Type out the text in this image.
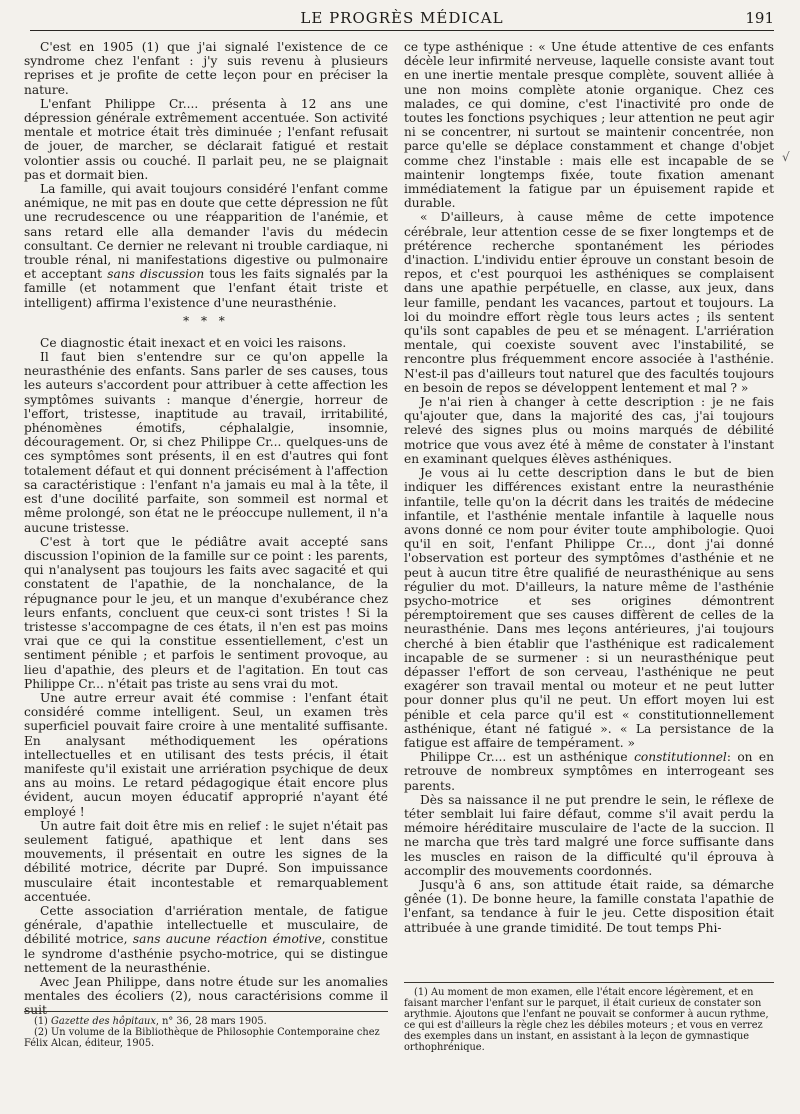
LE PROGRÈS MÉDICAL	191
√

C'est en 1905 (1) que j'ai signalé l'existence de ce syndrome chez l'enfant : j'y suis revenu à plusieurs reprises et je profite de cette leçon pour en préciser la nature.

L'enfant Philippe Cr.... présenta à 12 ans une dépression générale extrêmement accentuée. Son activité mentale et motrice était très diminuée ; l'enfant refusait de jouer, de marcher, se déclarait fatigué et restait volontier assis ou couché. Il parlait peu, ne se plaignait pas et dormait bien.

La famille, qui avait toujours considéré l'enfant comme anémique, ne mit pas en doute que cette dépression ne fût une recrudescence ou une réapparition de l'anémie, et sans retard elle alla demander l'avis du médecin consultant. Ce dernier ne relevant ni trouble cardiaque, ni trouble rénal, ni manifestations digestive ou pulmonaire et acceptant sans discussion tous les faits signalés par la famille (et notamment que l'enfant était triste et intelligent) affirma l'existence d'une neurasthénie.

* * *

Ce diagnostic était inexact et en voici les raisons.

Il faut bien s'entendre sur ce qu'on appelle la neurasthénie des enfants. Sans parler de ses causes, tous les auteurs s'accordent pour attribuer à cette affection les symptômes suivants : manque d'énergie, horreur de l'effort, tristesse, inaptitude au travail, irritabilité, phénomènes émotifs, céphalalgie, insomnie, découragement. Or, si chez Philippe Cr... quelques-uns de ces symptômes sont présents, il en est d'autres qui font totalement défaut et qui donnent précisément à l'affection sa caractéristique : l'enfant n'a jamais eu mal à la tête, il est d'une docilité parfaite, son sommeil est normal et même prolongé, son état ne le préoccupe nullement, il n'a aucune tristesse.

C'est à tort que le pédiâtre avait accepté sans discussion l'opinion de la famille sur ce point : les parents, qui n'analysent pas toujours les faits avec sagacité et qui constatent de l'apathie, de la nonchalance, de la répugnance pour le jeu, et un manque d'exubérance chez leurs enfants, concluent que ceux-ci sont tristes ! Si la tristesse s'accompagne de ces états, il n'en est pas moins vrai que ce qui la constitue essentiellement, c'est un sentiment pénible ; et parfois le sentiment provoque, au lieu d'apathie, des pleurs et de l'agitation. En tout cas Philippe Cr... n'était pas triste au sens vrai du mot.

Une autre erreur avait été commise : l'enfant était considéré comme intelligent. Seul, un examen très superficiel pouvait faire croire à une mentalité suffisante. En analysant méthodiquement les opérations intellectuelles et en utilisant des tests précis, il était manifeste qu'il existait une arriération psychique de deux ans au moins. Le retard pédagogique était encore plus évident, aucun moyen éducatif approprié n'ayant été employé !

Un autre fait doit être mis en relief : le sujet n'était pas seulement fatigué, apathique et lent dans ses mouvements, il présentait en outre les signes de la débilité motrice, décrite par Dupré. Son impuissance musculaire était incontestable et remarquablement accentuée.

Cette association d'arriération mentale, de fatigue générale, d'apathie intellectuelle et musculaire, de débilité motrice, sans aucune réaction émotive, constitue le syndrome d'asthénie psycho-motrice, qui se distingue nettement de la neurasthénie.

Avec Jean Philippe, dans notre étude sur les anomalies mentales des écoliers (2), nous caractérisions comme il suit

(1) Gazette des hôpitaux, n° 36, 28 mars 1905.

(2) Un volume de la Bibliothèque de Philosophie Contemporaine chez Félix Alcan, éditeur, 1905.

ce type asthénique : « Une étude attentive de ces enfants décèle leur infirmité nerveuse, laquelle consiste avant tout en une inertie mentale presque complète, souvent alliée à une non moins complète atonie organique. Chez ces malades, ce qui domine, c'est l'inactivité pro onde de toutes les fonctions psychiques ; leur attention ne peut agir ni se concentrer, ni surtout se maintenir concentrée, non parce qu'elle se déplace constamment et change d'objet comme chez l'instable : mais elle est incapable de se maintenir longtemps fixée, toute fixation amenant immédiatement la fatigue par un épuisement rapide et durable.

« D'ailleurs, à cause même de cette impotence cérébrale, leur attention cesse de se fixer longtemps et de prétérence recherche spontanément les périodes d'inaction. L'individu entier éprouve un constant besoin de repos, et c'est pourquoi les asthéniques se complaisent dans une apathie perpétuelle, en classe, aux jeux, dans leur famille, pendant les vacances, partout et toujours. La loi du moindre effort règle tous leurs actes ; ils sentent qu'ils sont capables de peu et se ménagent. L'arriération mentale, qui coexiste souvent avec l'instabilité, se rencontre plus fréquemment encore associée à l'asthénie. N'est-il pas d'ailleurs tout naturel que des facultés toujours en besoin de repos se développent lentement et mal ? »

Je n'ai rien à changer à cette description : je ne fais qu'ajouter que, dans la majorité des cas, j'ai toujours relevé des signes plus ou moins marqués de débilité motrice que vous avez été à même de constater à l'instant en examinant quelques élèves asthéniques.

Je vous ai lu cette description dans le but de bien indiquer les différences existant entre la neurasthénie infantile, telle qu'on la décrit dans les traités de médecine infantile, et l'asthénie mentale infantile à laquelle nous avons donné ce nom pour éviter toute amphibologie. Quoi qu'il en soit, l'enfant Philippe Cr..., dont j'ai donné l'observation est porteur des symptômes d'asthénie et ne peut à aucun titre être qualifié de neurasthénique au sens régulier du mot. D'ailleurs, la nature même de l'asthénie psycho-motrice et ses origines démontrent péremptoirement que ses causes diffèrent de celles de la neurasthénie. Dans mes leçons antérieures, j'ai toujours cherché à bien établir que l'asthénique est radicalement incapable de se surmener : si un neurasthénique peut dépasser l'effort de son cerveau, l'asthénique ne peut exagérer son travail mental ou moteur et ne peut lutter pour donner plus qu'il ne peut. Un effort moyen lui est pénible et cela parce qu'il est « constitutionnellement asthénique, étant né fatigué ». « La persistance de la fatigue est affaire de tempérament. »

Philippe Cr.... est un asthénique constitutionnel: on en retrouve de nombreux symptômes en interrogeant ses parents.

Dès sa naissance il ne put prendre le sein, le réflexe de téter semblait lui faire défaut, comme s'il avait perdu la mémoire héréditaire musculaire de l'acte de la succion. Il ne marcha que très tard malgré une force suffisante dans les muscles en raison de la difficulté qu'il éprouva à accomplir des mouvements coordonnés.

Jusqu'à 6 ans, son attitude était raide, sa démarche gênée (1). De bonne heure, la famille constata l'apathie de l'enfant, sa tendance à fuir le jeu. Cette disposition était attribuée à une grande timidité. De tout temps Phi-

(1) Au moment de mon examen, elle l'était encore légèrement, et en faisant marcher l'enfant sur le parquet, il était curieux de constater son arythmie. Ajoutons que l'enfant ne pouvait se conformer à aucun rythme, ce qui est d'ailleurs la règle chez les débiles moteurs ; et vous en verrez des exemples dans un instant, en assistant à la leçon de gymnastique orthophrénique.
